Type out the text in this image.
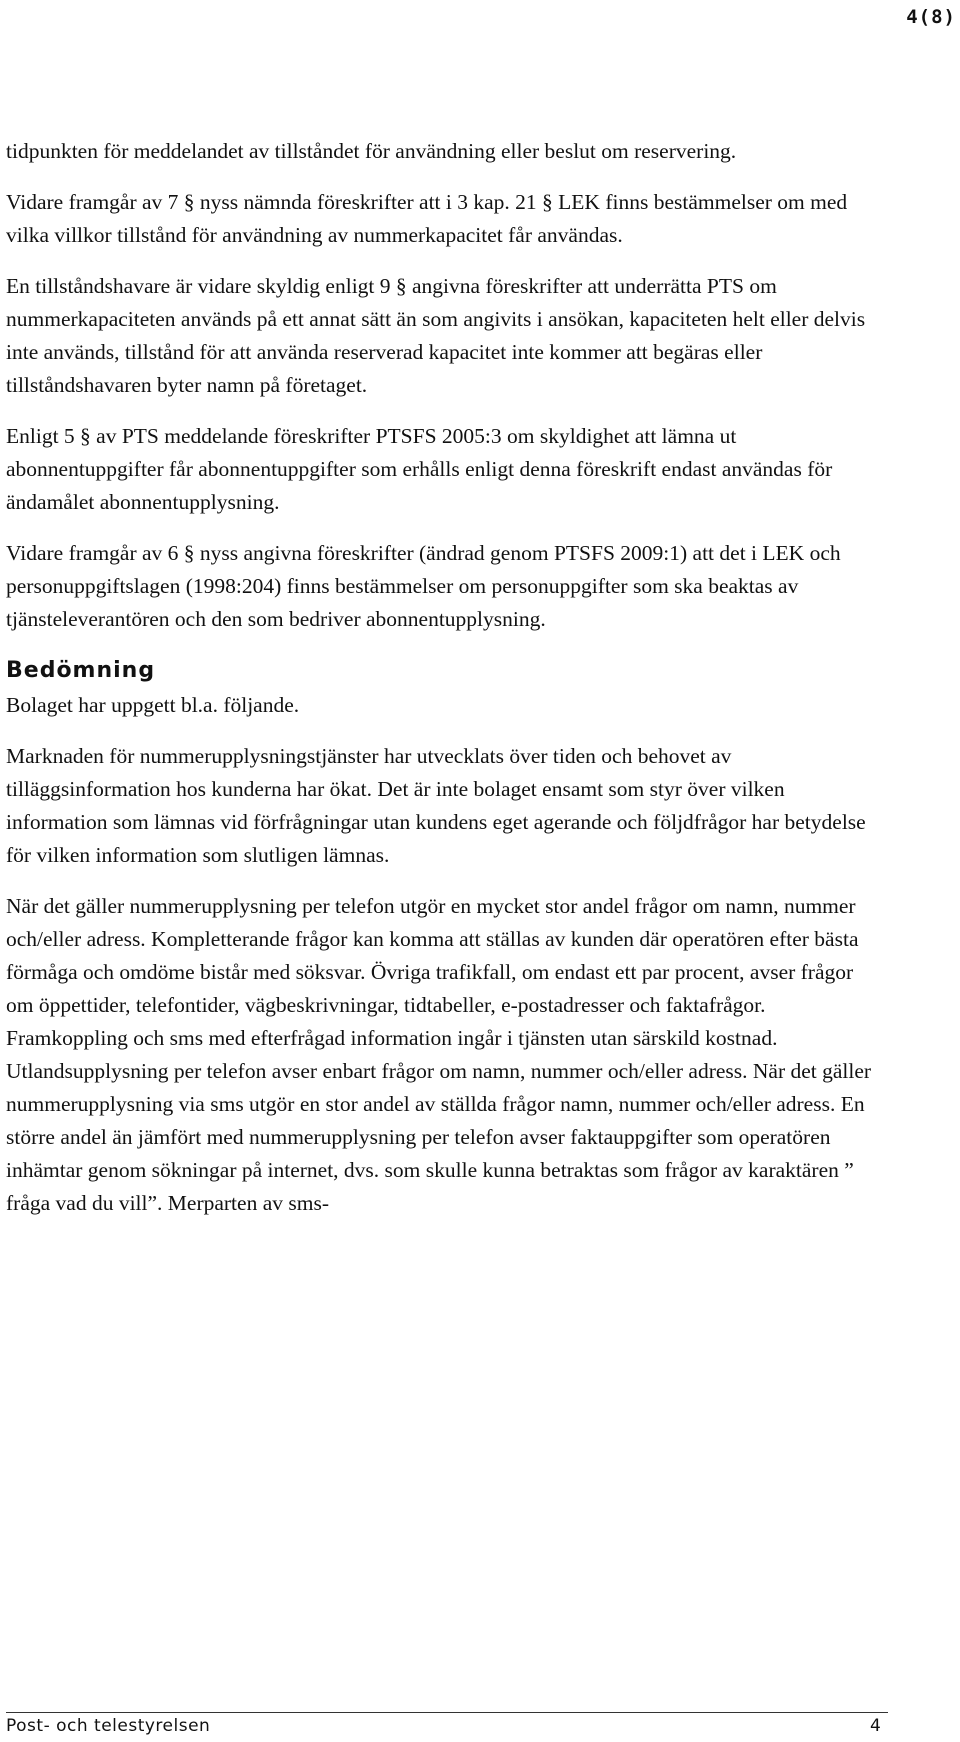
4(8)

tidpunkten för meddelandet av tillståndet för användning eller beslut om reservering.

Vidare framgår av 7 § nyss nämnda föreskrifter att i 3 kap. 21 § LEK finns bestämmelser om med vilka villkor tillstånd för användning av nummerkapacitet får användas.

En tillståndshavare är vidare skyldig enligt 9 § angivna föreskrifter att underrätta PTS om nummerkapaciteten används på ett annat sätt än som angivits i ansökan, kapaciteten helt eller delvis inte används, tillstånd för att använda reserverad kapacitet inte kommer att begäras eller tillståndshavaren byter namn på företaget.

Enligt 5 § av PTS meddelande föreskrifter PTSFS 2005:3 om skyldighet att lämna ut abonnentuppgifter får abonnentuppgifter som erhålls enligt denna föreskrift endast användas för ändamålet abonnentupplysning.

Vidare framgår av 6 § nyss angivna föreskrifter (ändrad genom PTSFS 2009:1) att det i LEK och personuppgiftslagen (1998:204) finns bestämmelser om personuppgifter som ska beaktas av tjänsteleverantören och den som bedriver abonnentupplysning.

Bedömning

Bolaget har uppgett bl.a. följande.

Marknaden för nummerupplysningstjänster har utvecklats över tiden och behovet av tilläggsinformation hos kunderna har ökat. Det är inte bolaget ensamt som styr över vilken information som lämnas vid förfrågningar utan kundens eget agerande och följdfrågor har betydelse för vilken information som slutligen lämnas.

När det gäller nummerupplysning per telefon utgör en mycket stor andel frågor om namn, nummer och/eller adress. Kompletterande frågor kan komma att ställas av kunden där operatören efter bästa förmåga och omdöme bistår med söksvar. Övriga trafikfall, om endast ett par procent, avser frågor om öppettider, telefontider, vägbeskrivningar, tidtabeller, e-postadresser och faktafrågor. Framkoppling och sms med efterfrågad information ingår i tjänsten utan särskild kostnad. Utlandsupplysning per telefon avser enbart frågor om namn, nummer och/eller adress. När det gäller nummerupplysning via sms utgör en stor andel av ställda frågor namn, nummer och/eller adress. En större andel än jämfört med nummerupplysning per telefon avser faktauppgifter som operatören inhämtar genom sökningar på internet, dvs. som skulle kunna betraktas som frågor av karaktären ” fråga vad du vill”. Merparten av sms-

Post- och telestyrelsen	4
